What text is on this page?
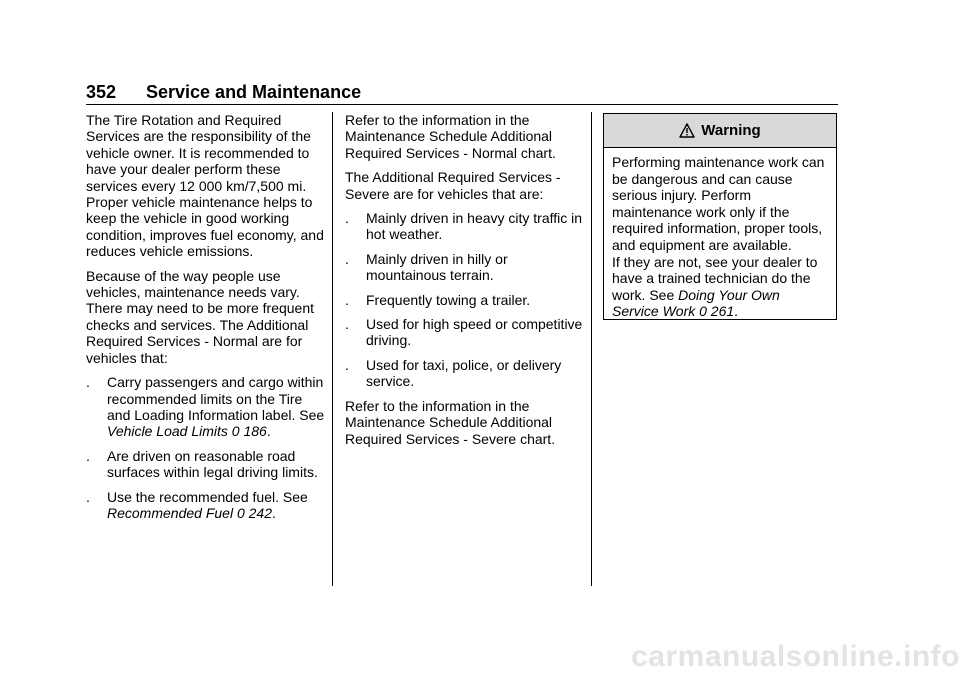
352 Service and Maintenance

The Tire Rotation and Required Services are the responsibility of the vehicle owner. It is recommended to have your dealer perform these services every 12 000 km/7,500 mi. Proper vehicle maintenance helps to keep the vehicle in good working condition, improves fuel economy, and reduces vehicle emissions.

Because of the way people use vehicles, maintenance needs vary. There may need to be more frequent checks and services. The Additional Required Services - Normal are for vehicles that:

. Carry passengers and cargo within recommended limits on the Tire and Loading Information label. See Vehicle Load Limits 0 186.
. Are driven on reasonable road surfaces within legal driving limits.
. Use the recommended fuel. See Recommended Fuel 0 242.

Refer to the information in the Maintenance Schedule Additional Required Services - Normal chart.

The Additional Required Services - Severe are for vehicles that are:

. Mainly driven in heavy city traffic in hot weather.
. Mainly driven in hilly or mountainous terrain.
. Frequently towing a trailer.
. Used for high speed or competitive driving.
. Used for taxi, police, or delivery service.

Refer to the information in the Maintenance Schedule Additional Required Services - Severe chart.

Warning
Performing maintenance work can be dangerous and can cause serious injury. Perform maintenance work only if the required information, proper tools, and equipment are available.
If they are not, see your dealer to have a trained technician do the work. See Doing Your Own Service Work 0 261.
carmanualsonline.info
